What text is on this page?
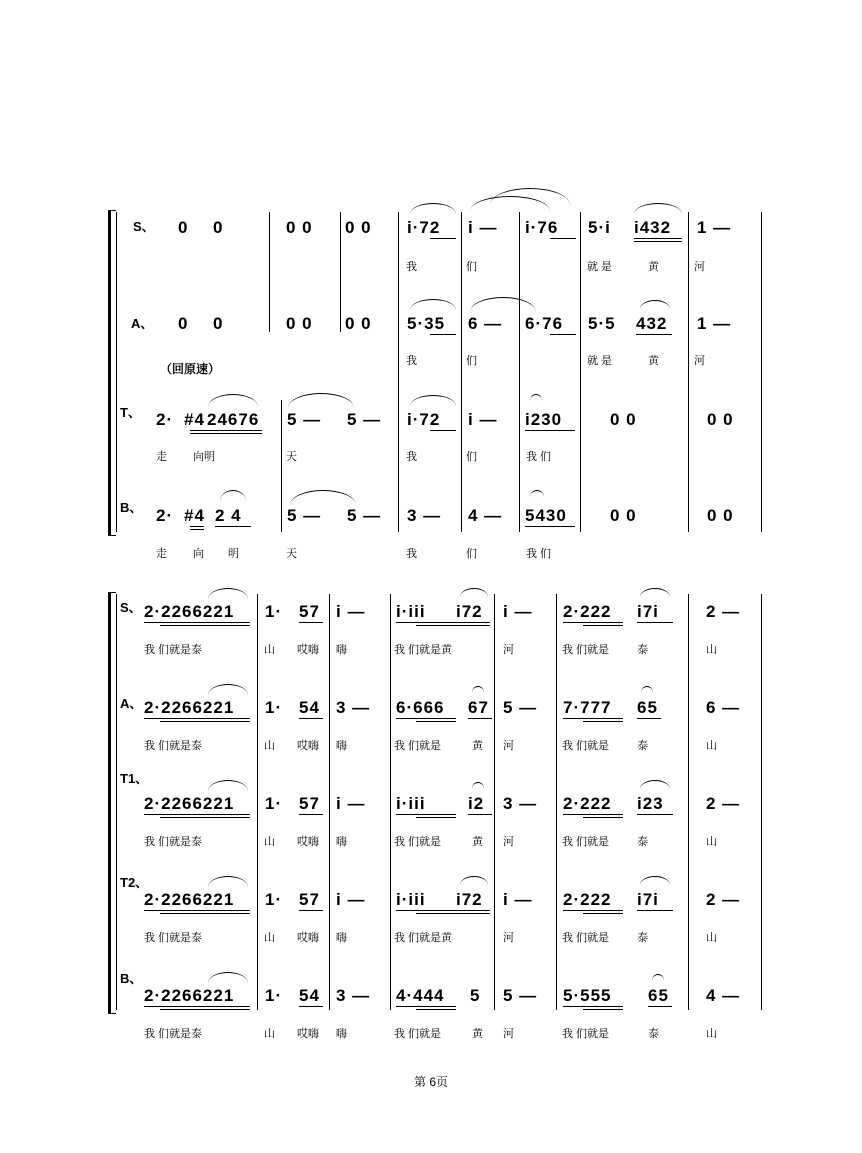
S、 0 0	0 0 0 0 i·72 i — i·76 5·i i432 1 —
我	们	就 是	黄	河
A、 0 0	0 0 0 0 5·35 6 — 6·76 5·5 432 1 —
我	们	就 是	黄	河
（回原速）
T、 2· #4 24676 5 — 5 — i·72 i — i230	0 0	0 0
走 向明	天	我	们	我 们
B、 2· #4 2 4	5 — 5 — 3 — 4 — 5430	0 0	0 0
走 向 明	天	我	们	我 们
S、 2·2266221 1· 57 i — i·iii i72 i — 2·222 i7i	2 —
我 们就是泰	山 哎嗨 嗨	我 们就是黄	河	我 们就是	泰	山
A、 2·2266221 1· 54 3 — 6·666 67 5 — 7·777 65	6 —
我 们就是泰	山 哎嗨 嗨	我 们就是	黄 河	我 们就是	泰	山
T1、
2·2266221 1· 57 i — i·iii i2 3 — 2·222 i23 2 —
我 们就是泰	山 哎嗨 嗨	我 们就是	黄 河	我 们就是	泰	山
T2、
2·2266221 1· 57 i — i·iii i72 i — 2·222 i7i	2 —
我 们就是泰	山 哎嗨 嗨	我 们就是黄	河	我 们就是	泰	山
B、
2·2266221 1· 54 3 — 4·444 5 5 — 5·555 65 4 —
我 们就是泰	山 哎嗨 嗨	我 们就是	黄 河	我 们就是	泰	山
第 6页
